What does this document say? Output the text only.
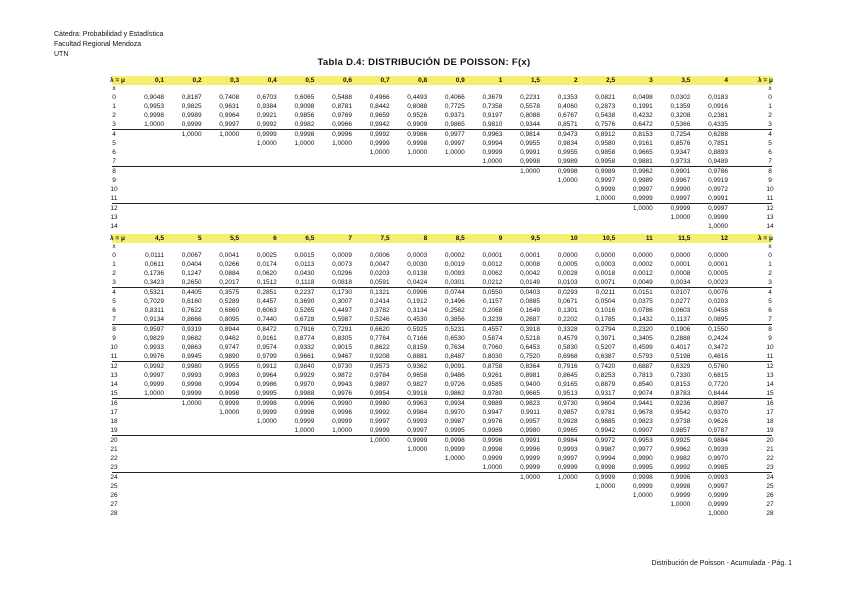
Cátedra: Probabilidad y Estadística
Facultad Regional Mendoza
UTN
Tabla D.4: DISTRIBUCIÓN DE POISSON: F(x)
λ = μ	0,1	0,2	0,3	0,4	0,5	0,6	0,7	0,8	0,9	1	1,5	2	2,5	3	3,5	4	λ = μ
x	x
0	0,9048	0,8187	0,7408	0,6703	0,6065	0,5488	0,4966	0,4493	0,4066	0,3679	0,2231	0,1353	0,0821	0,0498	0,0302	0,0183	0
1	0,9953	0,9825	0,9631	0,9384	0,9098	0,8781	0,8442	0,8088	0,7725	0,7358	0,5578	0,4060	0,2873	0,1991	0,1359	0,0916	1
2	0,9998	0,9989	0,9964	0,9921	0,9856	0,9769	0,9659	0,9526	0,9371	0,9197	0,8088	0,6767	0,5438	0,4232	0,3208	0,2381	2
3	1,0000	0,9999	0,9997	0,9992	0,9982	0,9966	0,9942	0,9909	0,9865	0,9810	0,9344	0,8571	0,7576	0,6472	0,5366	0,4335	3
4	1,0000	1,0000	0,9999	0,9998	0,9996	0,9992	0,9986	0,9977	0,9963	0,9814	0,9473	0,8912	0,8153	0,7254	0,6288	4
5	1,0000	1,0000	1,0000	0,9999	0,9998	0,9997	0,9994	0,9955	0,9834	0,9580	0,9161	0,8576	0,7851	5
6	1,0000	1,0000	1,0000	0,9999	0,9991	0,9955	0,9858	0,9665	0,9347	0,8893	6
7	1,0000	0,9998	0,9989	0,9958	0,9881	0,9733	0,9489	7
8	1,0000	0,9998	0,9989	0,9962	0,9901	0,9786	8
9	1,0000	0,9997	0,9989	0,9967	0,9919	9
10	0,9999	0,9997	0,9990	0,9972	10
11	1,0000	0,9999	0,9997	0,9991	11
12	1,0000	0,9999	0,9997	12
13	1,0000	0,9999	13
14	1,0000	14
λ = μ	4,5	5	5,5	6	6,5	7	7,5	8	8,5	9	9,5	10	10,5	11	11,5	12	λ = μ
x	x
0	0,0111	0,0067	0,0041	0,0025	0,0015	0,0009	0,0006	0,0003	0,0002	0,0001	0,0001	0,0000	0,0000	0,0000	0,0000	0,0000	0
1	0,0611	0,0404	0,0266	0,0174	0,0113	0,0073	0,0047	0,0030	0,0019	0,0012	0,0008	0,0005	0,0003	0,0002	0,0001	0,0001	1
2	0,1736	0,1247	0,0884	0,0620	0,0430	0,0296	0,0203	0,0138	0,0093	0,0062	0,0042	0,0028	0,0018	0,0012	0,0008	0,0005	2
3	0,3423	0,2650	0,2017	0,1512	0,1118	0,0818	0,0591	0,0424	0,0301	0,0212	0,0149	0,0103	0,0071	0,0049	0,0034	0,0023	3
4	0,5321	0,4405	0,3575	0,2851	0,2237	0,1730	0,1321	0,0996	0,0744	0,0550	0,0403	0,0293	0,0211	0,0151	0,0107	0,0076	4
5	0,7029	0,6160	0,5289	0,4457	0,3690	0,3007	0,2414	0,1912	0,1496	0,1157	0,0885	0,0671	0,0504	0,0375	0,0277	0,0203	5
6	0,8311	0,7622	0,6860	0,6063	0,5265	0,4497	0,3782	0,3134	0,2562	0,2068	0,1649	0,1301	0,1016	0,0786	0,0603	0,0458	6
7	0,9134	0,8666	0,8095	0,7440	0,6728	0,5987	0,5246	0,4530	0,3856	0,3239	0,2687	0,2202	0,1785	0,1432	0,1137	0,0895	7
8	0,9597	0,9319	0,8944	0,8472	0,7916	0,7291	0,6620	0,5925	0,5231	0,4557	0,3918	0,3328	0,2794	0,2320	0,1906	0,1550	8
9	0,9829	0,9682	0,9462	0,9161	0,8774	0,8305	0,7764	0,7166	0,6530	0,5874	0,5218	0,4579	0,3971	0,3405	0,2888	0,2424	9
10	0,9933	0,9863	0,9747	0,9574	0,9332	0,9015	0,8622	0,8159	0,7634	0,7060	0,6453	0,5830	0,5207	0,4599	0,4017	0,3472	10
11	0,9976	0,9945	0,9890	0,9799	0,9661	0,9467	0,9208	0,8881	0,8487	0,8030	0,7520	0,6968	0,6387	0,5793	0,5198	0,4616	11
12	0,9992	0,9980	0,9955	0,9912	0,9840	0,9730	0,9573	0,9362	0,9091	0,8758	0,8364	0,7916	0,7420	0,6887	0,6329	0,5760	12
13	0,9997	0,9993	0,9983	0,9964	0,9929	0,9872	0,9784	0,9658	0,9486	0,9261	0,8981	0,8645	0,8253	0,7813	0,7330	0,6815	13
14	0,9999	0,9998	0,9994	0,9986	0,9970	0,9943	0,9897	0,9827	0,9726	0,9585	0,9400	0,9165	0,8879	0,8540	0,8153	0,7720	14
15	1,0000	0,9999	0,9998	0,9995	0,9988	0,9976	0,9954	0,9918	0,9862	0,9780	0,9665	0,9513	0,9317	0,9074	0,8783	0,8444	15
16	1,0000	0,9999	0,9998	0,9996	0,9990	0,9980	0,9963	0,9934	0,9889	0,9823	0,9730	0,9604	0,9441	0,9236	0,8987	16
17	1,0000	0,9999	0,9998	0,9996	0,9992	0,9984	0,9970	0,9947	0,9911	0,9857	0,9781	0,9678	0,9542	0,9370	17
18	1,0000	0,9999	0,9999	0,9997	0,9993	0,9987	0,9976	0,9957	0,9928	0,9885	0,9823	0,9738	0,9626	18
19	1,0000	1,0000	0,9999	0,9997	0,9995	0,9989	0,9980	0,9965	0,9942	0,9907	0,9857	0,9787	19
20	1,0000	0,9999	0,9998	0,9996	0,9991	0,9984	0,9972	0,9953	0,9925	0,9884	20
21	1,0000	0,9999	0,9998	0,9996	0,9993	0,9987	0,9977	0,9962	0,9939	21
22	1,0000	0,9999	0,9999	0,9997	0,9994	0,9990	0,9982	0,9970	22
23	1,0000	0,9999	0,9999	0,9998	0,9995	0,9992	0,9985	23
24	1,0000	1,0000	0,9999	0,9998	0,9996	0,9993	24
25	1,0000	0,9999	0,9998	0,9997	25
26	1,0000	0,9999	0,9999	26
27	1,0000	0,9999	27
28	1,0000	28
Distribución de Poisson - Acumulada - Pág. 1
